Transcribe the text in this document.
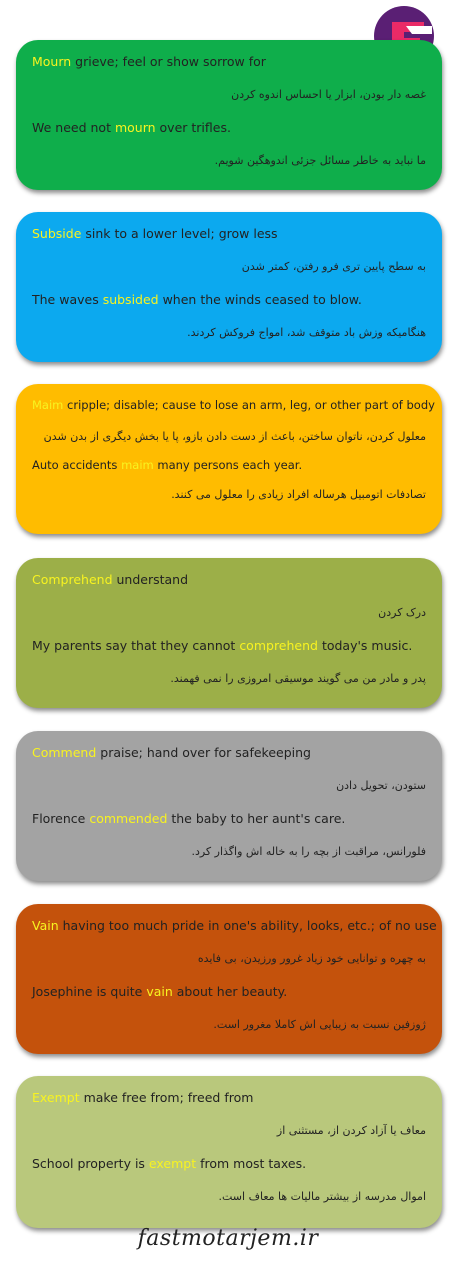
Mourn grieve; feel or show sorrow for
غصه دار بودن، ابزار یا احساس اندوه کردن
We need not mourn over trifles.
ما نباید به خاطر مسائل جزئی اندوهگین شویم.
Subside sink to a lower level; grow less
به سطح پایین تری فرو رفتن، کمتر شدن
The waves subsided when the winds ceased to blow.
هنگامیکه وزش باد متوقف شد، امواج فروکش کردند.
Maim cripple; disable; cause to lose an arm, leg, or other part of body
معلول کردن، ناتوان ساختن، باعث از دست دادن بازو، پا یا بخش دیگری از بدن شدن
Auto accidents maim many persons each year.
تصادفات اتومبیل هرساله افراد زیادی را معلول می کنند.
Comprehend understand
درک کردن
My parents say that they cannot comprehend today's music.
پدر و مادر من می گویند موسیقی امروزی را نمی فهمند.
Commend praise; hand over for safekeeping
ستودن، تحویل دادن
Florence commended the baby to her aunt's care.
فلورانس، مراقبت از بچه را به خاله اش واگذار کرد.
Vain having too much pride in one's ability, looks, etc.; of no use
به چهره و توانایی خود زیاد غرور ورزیدن، بی فایده
Josephine is quite vain about her beauty.
ژوزفین نسبت به زیبایی اش کاملا مغرور است.
Exempt make free from; freed from
معاف یا آزاد کردن از، مستثنی از
School property is exempt from most taxes.
اموال مدرسه از بیشتر مالیات ها معاف است.
fastmotarjem.ir
